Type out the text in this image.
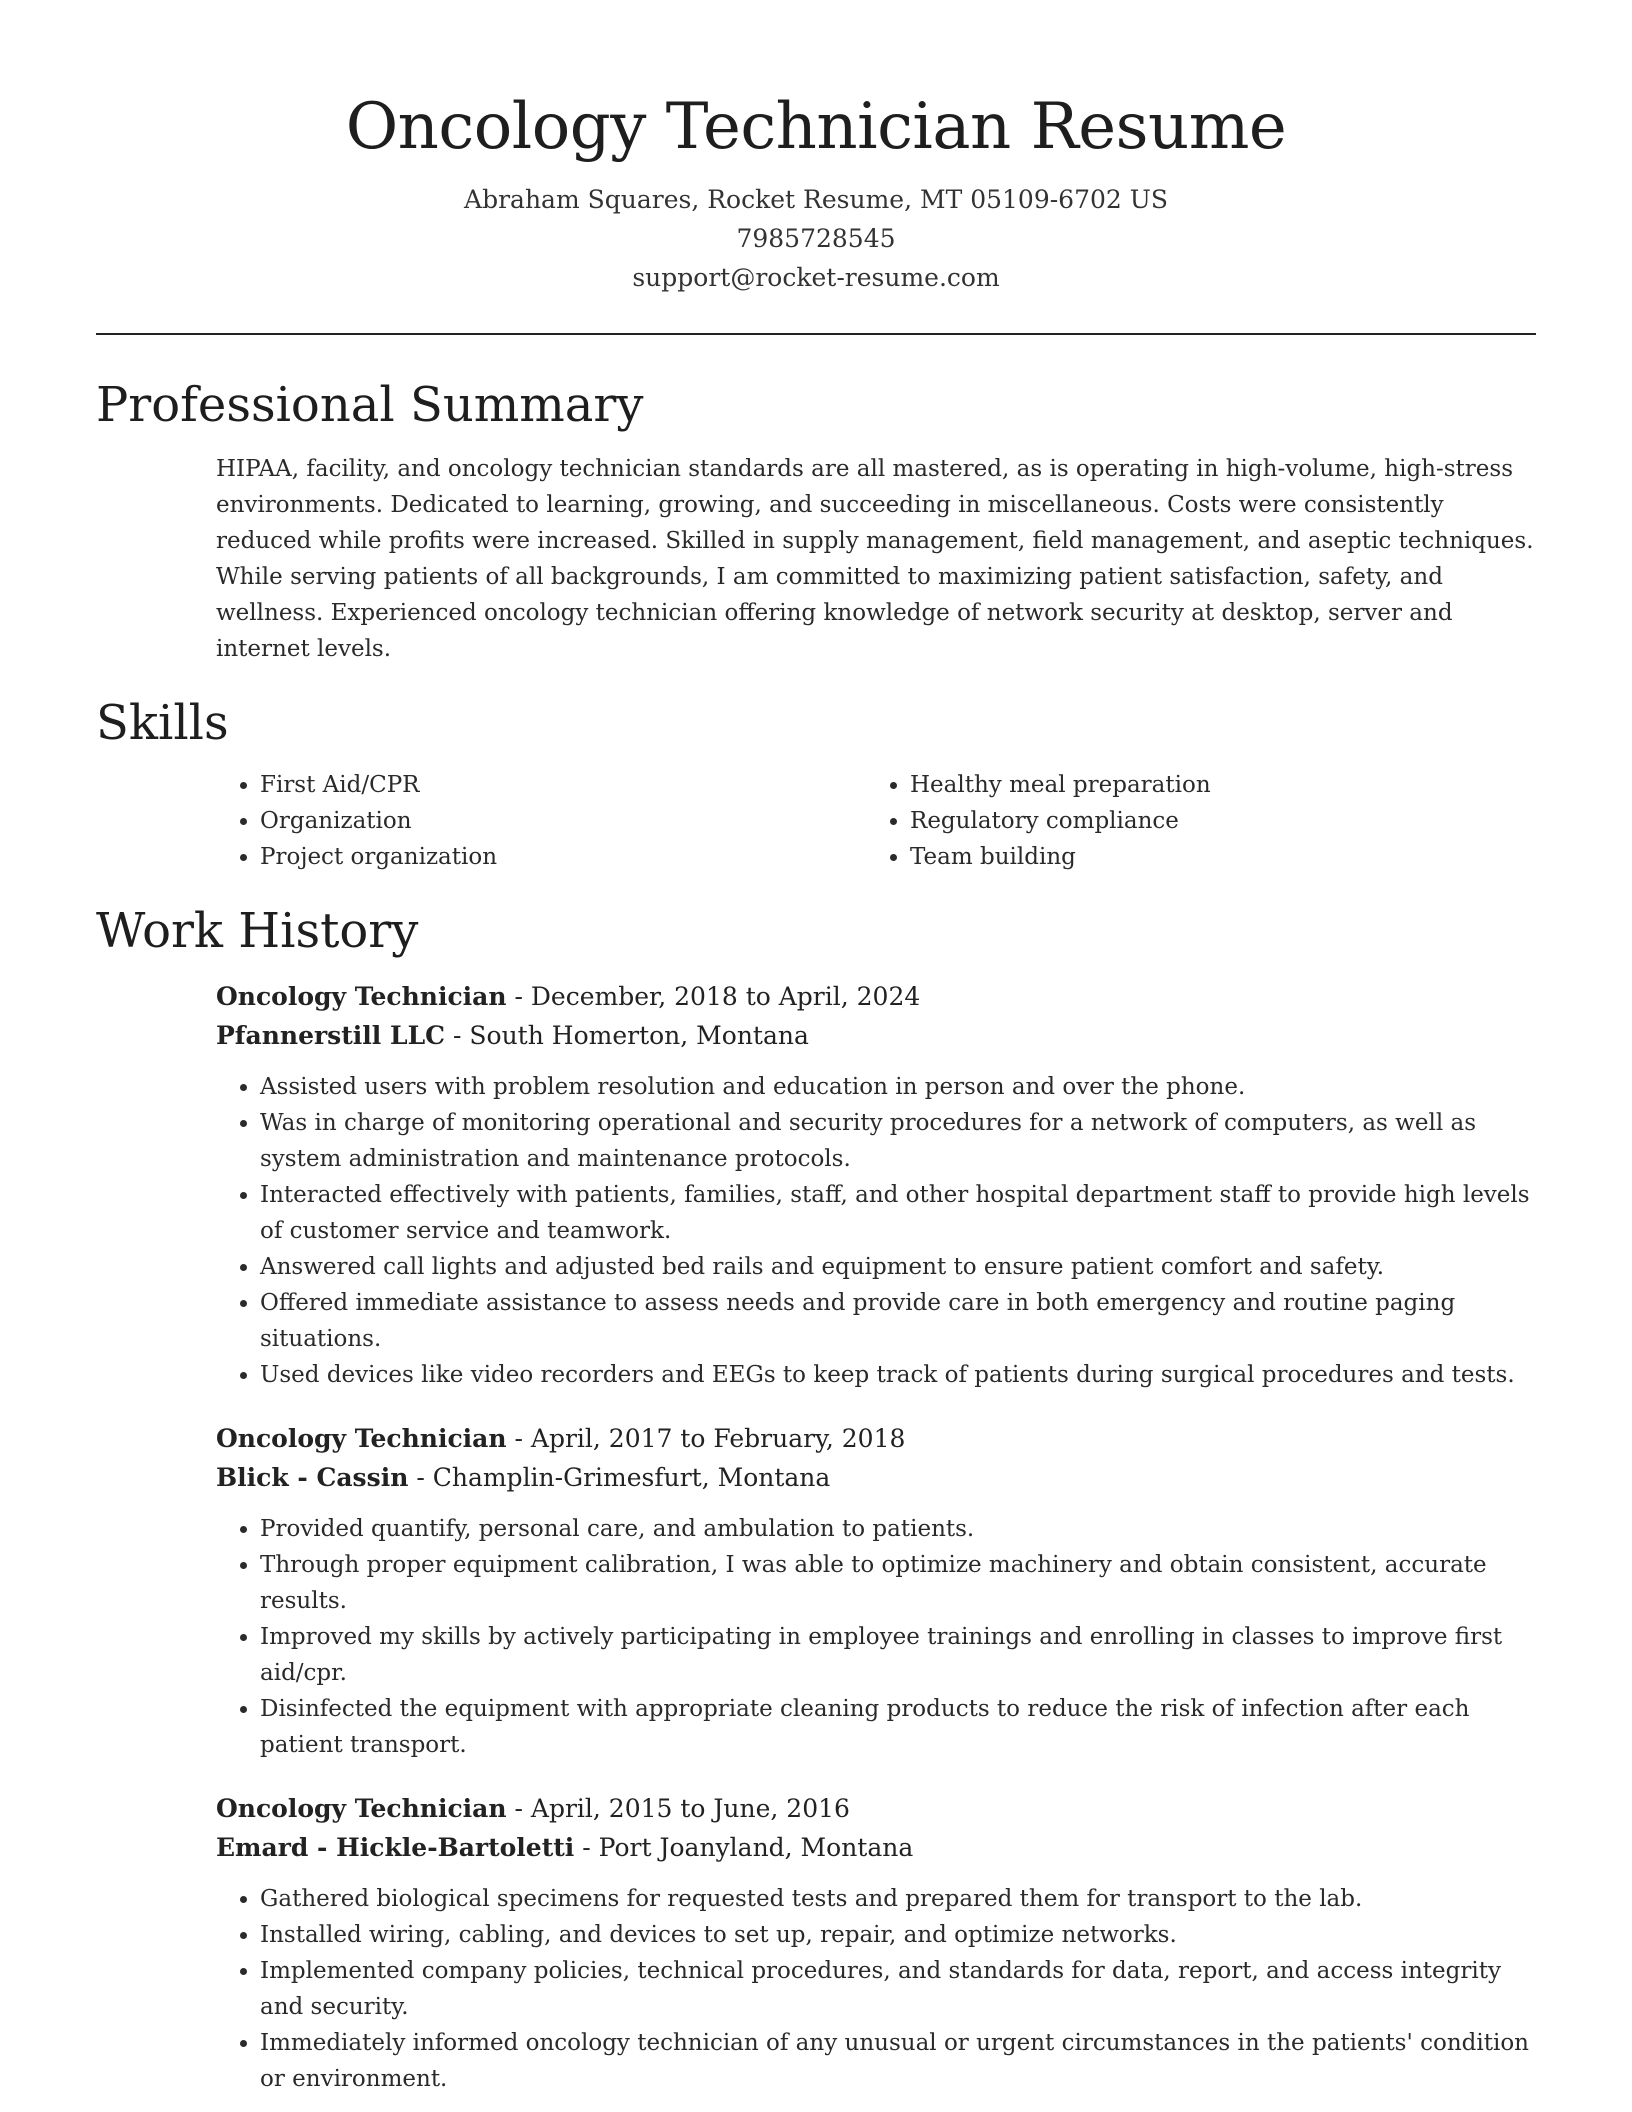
Oncology Technician Resume
Abraham Squares, Rocket Resume, MT 05109-6702 US
7985728545
support@rocket-resume.com
Professional Summary

HIPAA, facility, and oncology technician standards are all mastered, as is operating in high-volume, high-stress environments. Dedicated to learning, growing, and succeeding in miscellaneous. Costs were consistently reduced while profits were increased. Skilled in supply management, field management, and aseptic techniques. While serving patients of all backgrounds, I am committed to maximizing patient satisfaction, safety, and wellness. Experienced oncology technician offering knowledge of network security at desktop, server and internet levels.

Skills
• First Aid/CPR
• Organization
• Project organization
• Healthy meal preparation
• Regulatory compliance
• Team building
Work History
Oncology Technician - December, 2018 to April, 2024
Pfannerstill LLC - South Homerton, Montana
• Assisted users with problem resolution and education in person and over the phone.
• Was in charge of monitoring operational and security procedures for a network of computers, as well as system administration and maintenance protocols.
• Interacted effectively with patients, families, staff, and other hospital department staff to provide high levels of customer service and teamwork.
• Answered call lights and adjusted bed rails and equipment to ensure patient comfort and safety.
• Offered immediate assistance to assess needs and provide care in both emergency and routine paging situations.
• Used devices like video recorders and EEGs to keep track of patients during surgical procedures and tests.
Oncology Technician - April, 2017 to February, 2018
Blick - Cassin - Champlin-Grimesfurt, Montana
• Provided quantify, personal care, and ambulation to patients.
• Through proper equipment calibration, I was able to optimize machinery and obtain consistent, accurate results.
• Improved my skills by actively participating in employee trainings and enrolling in classes to improve first aid/cpr.
• Disinfected the equipment with appropriate cleaning products to reduce the risk of infection after each patient transport.
Oncology Technician - April, 2015 to June, 2016
Emard - Hickle-Bartoletti - Port Joanyland, Montana
• Gathered biological specimens for requested tests and prepared them for transport to the lab.
• Installed wiring, cabling, and devices to set up, repair, and optimize networks.
• Implemented company policies, technical procedures, and standards for data, report, and access integrity and security.
• Immediately informed oncology technician of any unusual or urgent circumstances in the patients' condition or environment.
